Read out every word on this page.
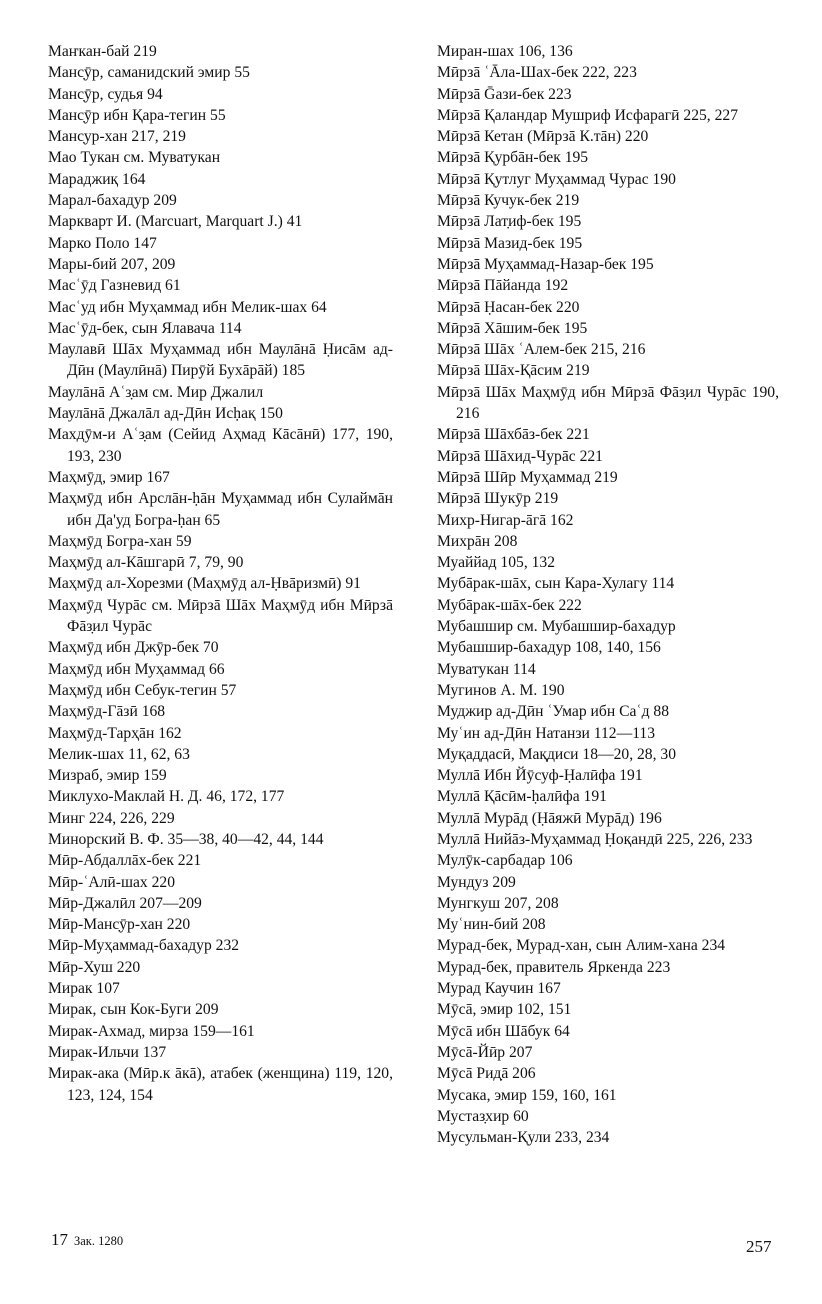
Маҥкан-бай 219
Манс̣ӯр, саманидский эмир 55
Манс̣ӯр, судья 94
Манс̣ӯр ибн Қара-тегин 55
Манс̣ур-хан 217, 219
Мао Тукан см. Муватукан
Мараджиқ 164
Марал-бахадур 209
Маркварт И. (Marcuart, Marquart J.) 41
Марко Поло 147
Мары-бий 207, 209
Масʿӯд Газневид 61
Масʿуд ибн Муҳаммад ибн Мелик-шах 64
Масʿӯд-бек, сын Ялавача 114
Маулавӣ Шāх Муҳаммад ибн Маулāнā Ḥисāм ад-Дӣн (Маулӣнā) Пирӯй Бухāрāй) 185
Маулāнā Аʿз̣ам см. Мир Джалил
Маулāнā Джалāл ад-Дӣн Исḥақ 150
Махдӯм-и Аʿз̣ам (Сейид Аҳмад Кāсāнӣ) 177, 190, 193, 230
Маҳмӯд, эмир 167
Маҳмӯд ибн Арслāн-ḥāн Муҳаммад ибн Сулаймāн ибн Да'уд Богра-ḥан 65
Маҳмӯд Богра-хан 59
Маҳмӯд ал-Кāшгарӣ 7, 79, 90
Маҳмӯд ал-Хорезми (Маҳмӯд ал-Ḥвāризмӣ) 91
Маҳмӯд Чурāс см. Мӣрзā Шāх Маҳмӯд ибн Мӣрзā Фāз̣ил Чурāс
Маҳмӯд ибн Джӯр-бек 70
Маҳмӯд ибн Муҳаммад 66
Маҳмӯд ибн Себук-тегин 57
Маҳмӯд-Гāзӣ 168
Маҳмӯд-Тарҳāн 162
Мелик-шах 11, 62, 63
Мизраб, эмир 159
Миклухо-Маклай Н. Д. 46, 172, 177
Минг 224, 226, 229
Минорский В. Ф. 35—38, 40—42, 44, 144
Мӣр-Абдаллāх-бек 221
Мӣр-ʿАлӣ-шах 220
Мӣр-Джалӣл 207—209
Мӣр-Манс̣ӯр-хан 220
Мӣр-Муҳаммад-бахадур 232
Мӣр-Хуш 220
Мирак 107
Мирак, сын Кок-Буги 209
Мирак-Ахмад, мирза 159—161
Мирак-Ильчи 137
Мирак-ака (Мӣр.к āкā), атабек (женщина) 119, 120, 123, 124, 154
Миран-шах 106, 136
Мӣрзā ʿĀла-Шах-бек 222, 223
Мӣрзā Ḡази-бек 223
Мӣрзā Қаландар Мушриф Исфарагӣ 225, 227
Мӣрзā Кетан (Мӣрзā К.тāн) 220
Мӣрзā Қурбāн-бек 195
Мӣрзā Қутлуг Муҳаммад Чурас 190
Мӣрзā Кучук-бек 219
Мӣрзā Лат̣иф-бек 195
Мӣрзā Мазид-бек 195
Мӣрзā Муҳаммад-Назар-бек 195
Мӣрзā Пāйанда 192
Мӣрзā Ḥасан-бек 220
Мӣрзā Хāшим-бек 195
Мӣрзā Шāх ʿАлем-бек 215, 216
Мӣрзā Шāх-Қāсим 219
Мӣрзā Шāх Маҳмӯд ибн Мӣрзā Фāз̣ил Чурāс 190, 216
Мӣрзā Шāхбāз-бек 221
Мӣрзā Шāхид-Чурāс 221
Мӣрзā Шӣр Муҳаммад 219
Мӣрзā Шукӯр 219
Михр-Нигар-āгā 162
Михрāн 208
Муаййад 105, 132
Мубāрак-шāх, сын Кара-Хулагу 114
Мубāрак-шāх-бек 222
Мубашшир см. Мубашшир-бахадур
Мубашшир-бахадур 108, 140, 156
Муватукан 114
Мугинов А. М. 190
Муджир ад-Дӣн ʿУмар ибн Саʿд 88
Муʿин ад-Дӣн Натанзи 112—113
Муқаддасӣ, Мақдиси 18—20, 28, 30
Муллā Ибн Йӯсуф-Ḥалӣфа 191
Муллā Қāсӣм-ḥалӣфа 191
Муллā Мурāд (Ḥāяжӣ Мурāд) 196
Муллā Нийāз-Муҳаммад Ḥоқандӣ 225, 226, 233
Мулӯк-сарбадар 106
Мундуз 209
Мунгкуш 207, 208
Муʿнин-бий 208
Мурад-бек, Мурад-хан, сын Алим-хана 234
Мурад-бек, правитель Яркенда 223
Мурад Каучин 167
Мӯсā, эмир 102, 151
Мӯсā ибн Шāбук 64
Мӯсā-Йӣр 207
Мӯсā Рид̣ā 206
Мусака, эмир 159, 160, 161
Мустаз̣хир 60
Мусульман-Қули 233, 234
17 Зак. 1280	257
